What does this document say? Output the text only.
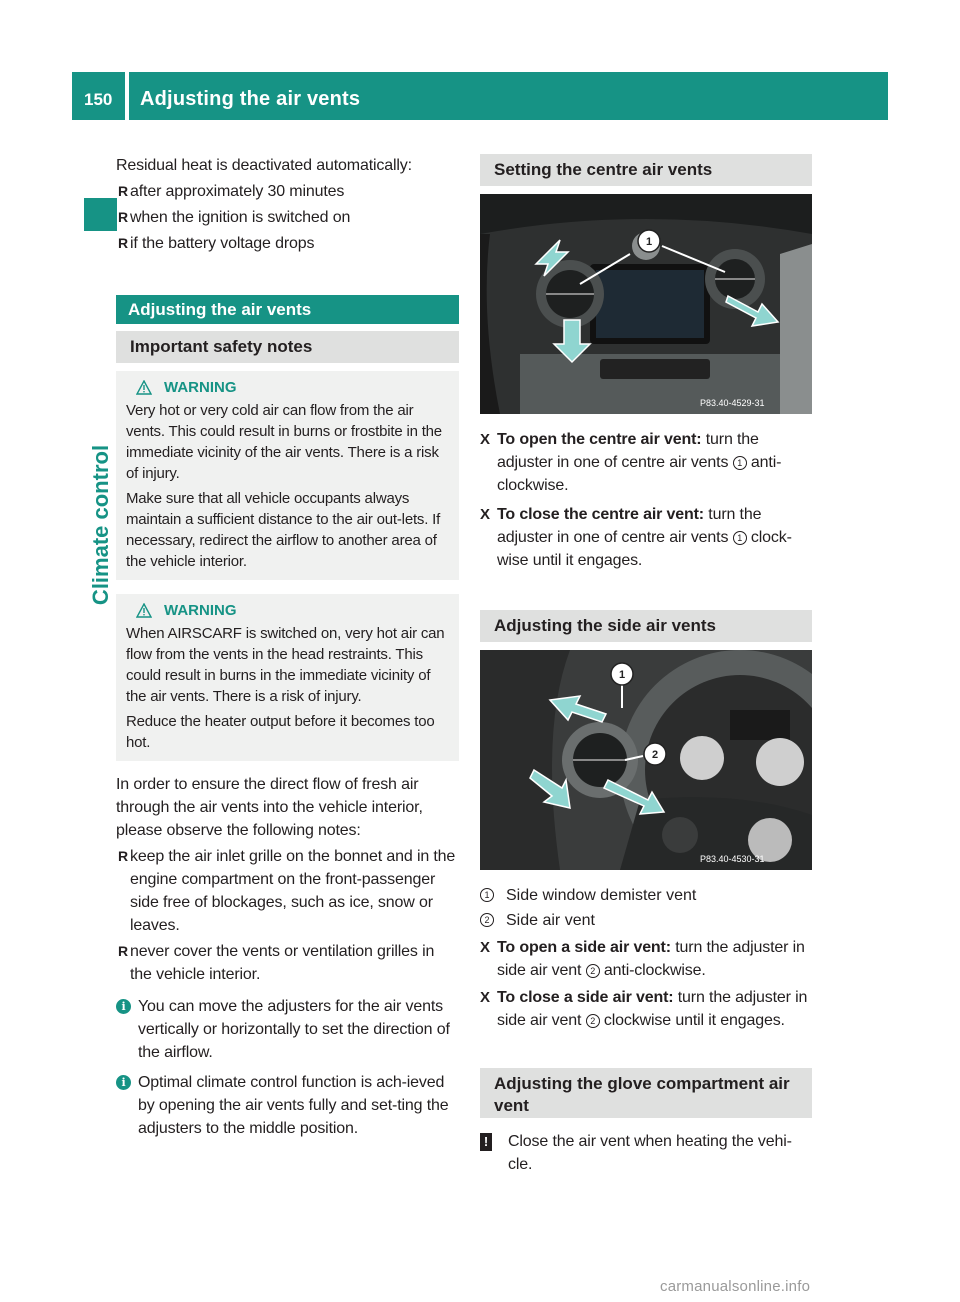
150 Adjusting the air vents
Climate control
Residual heat is deactivated automatically:
R after approximately 30 minutes
R when the ignition is switched on
R if the battery voltage drops
Adjusting the air vents
Important safety notes
WARNING
Very hot or very cold air can flow from the air vents. This could result in burns or frostbite in the immediate vicinity of the air vents. There is a risk of injury.
Make sure that all vehicle occupants always maintain a sufficient distance to the air out-lets. If necessary, redirect the airflow to another area of the vehicle interior.
WARNING
When AIRSCARF is switched on, very hot air can flow from the vents in the head restraints. This could result in burns in the immediate vicinity of the air vents. There is a risk of injury.
Reduce the heater output before it becomes too hot.
In order to ensure the direct flow of fresh air through the air vents into the vehicle interior, please observe the following notes:
R keep the air inlet grille on the bonnet and in the engine compartment on the front-passenger side free of blockages, such as ice, snow or leaves.
R never cover the vents or ventilation grilles in the vehicle interior.
i You can move the adjusters for the air vents vertically or horizontally to set the direction of the airflow.
i Optimal climate control function is ach-ieved by opening the air vents fully and set-ting the adjusters to the middle position.
Setting the centre air vents
P83.40-4529-31
1
X To open the centre air vent: turn the adjuster in one of centre air vents 1 anti-clockwise.
X To close the centre air vent: turn the adjuster in one of centre air vents 1 clock-wise until it engages.
Adjusting the side air vents
P83.40-4530-31
1
2
1 Side window demister vent
2 Side air vent
X To open a side air vent: turn the adjuster in side air vent 2 anti-clockwise.
X To close a side air vent: turn the adjuster in side air vent 2 clockwise until it engages.
Adjusting the glove compartment air vent
! Close the air vent when heating the vehi-cle.
carmanualsonline.info
